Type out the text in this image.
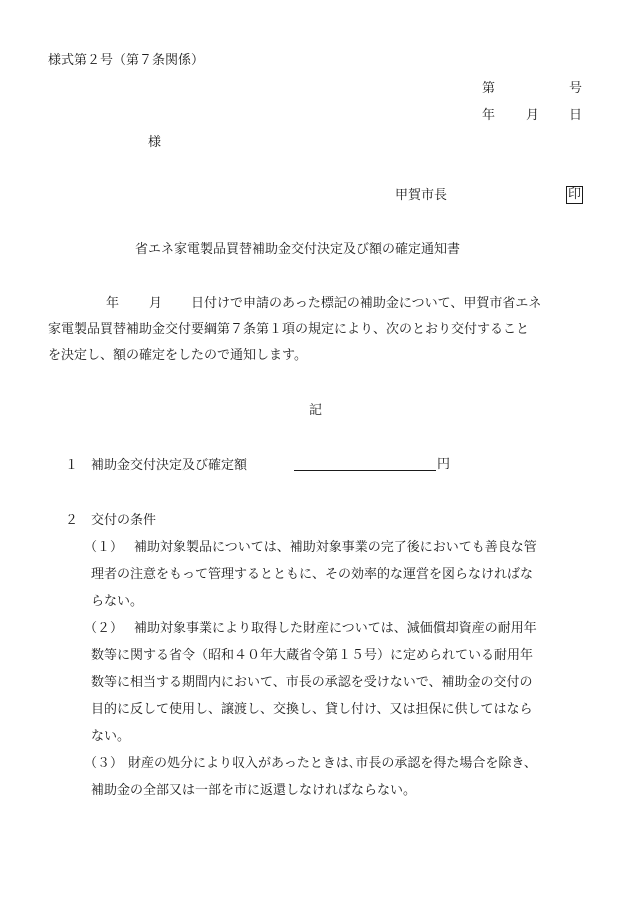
様式第２号（第７条関係）
第	号
年 月 日
様
甲賀市長	印
省エネ家電製品買替補助金交付決定及び額の確定通知書
年 月 日付けで申請のあった標記の補助金について、甲賀市省エネ
家電製品買替補助金交付要綱第７条第１項の規定により、次のとおり交付すること
を決定し、額の確定をしたので通知します。
記
１ 補助金交付決定及び確定額	円
２ 交付の条件
（１） 補助対象製品については、補助対象事業の完了後においても善良な管
理者の注意をもって管理するとともに、その効率的な運営を図らなければな
らない。
（２） 補助対象事業により取得した財産については、減価償却資産の耐用年
数等に関する省令（昭和４０年大蔵省令第１５号）に定められている耐用年
数等に相当する期間内において、市長の承認を受けないで、補助金の交付の
目的に反して使用し、譲渡し、交換し、貸し付け、又は担保に供してはなら
ない。
（３） 財産の処分により収入があったときは､市長の承認を得た場合を除き、
補助金の全部又は一部を市に返還しなければならない。
